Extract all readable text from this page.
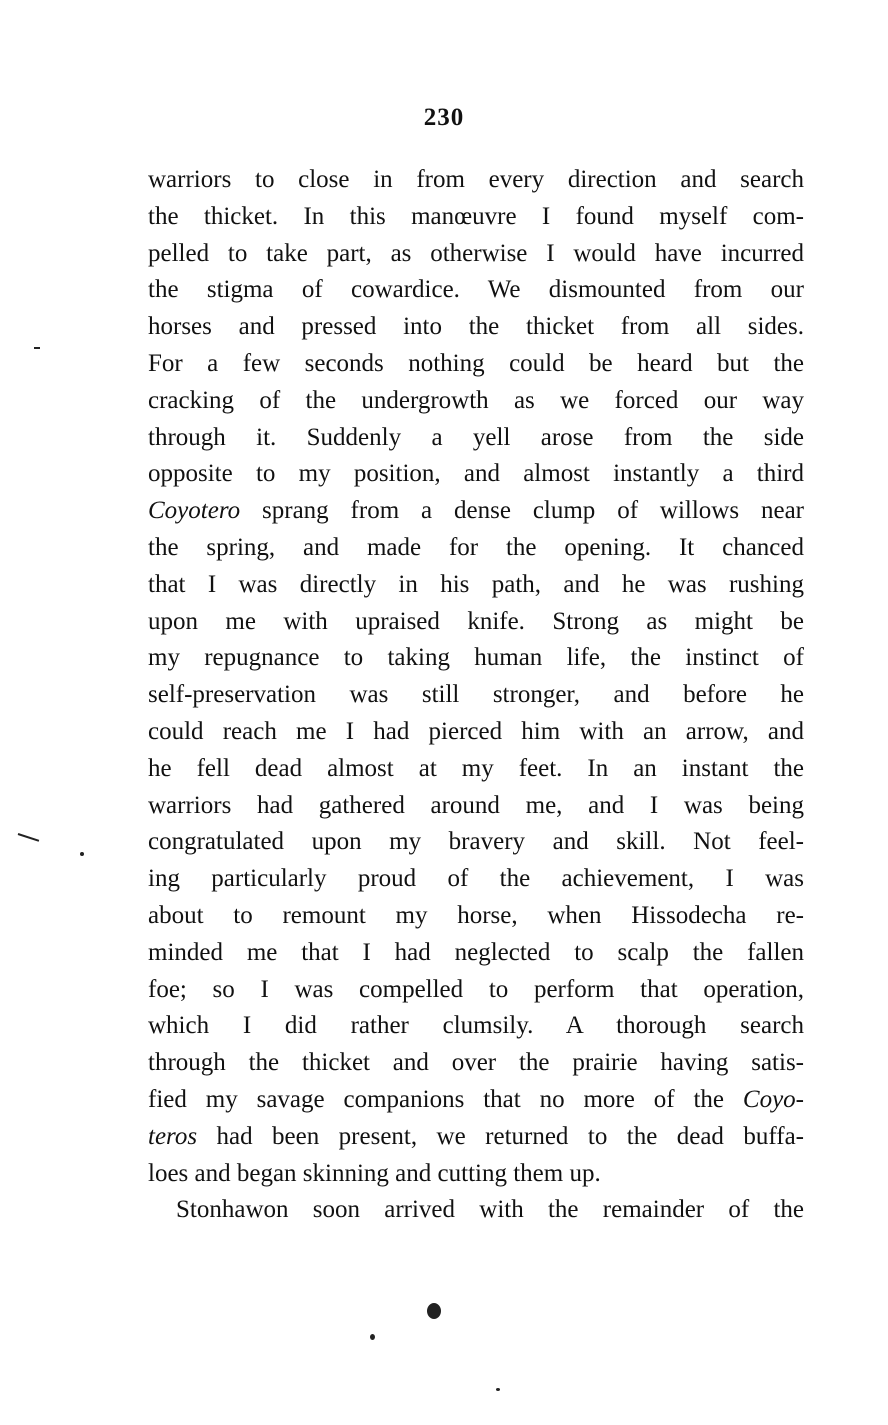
230
warriors to close in from every direction and search
the thicket. In this manœuvre I found myself com-
pelled to take part, as otherwise I would have incurred
the stigma of cowardice. We dismounted from our
horses and pressed into the thicket from all sides.
For a few seconds nothing could be heard but the
cracking of the undergrowth as we forced our way
through it. Suddenly a yell arose from the side
opposite to my position, and almost instantly a third
Coyotero sprang from a dense clump of willows near
the spring, and made for the opening. It chanced
that I was directly in his path, and he was rushing
upon me with upraised knife. Strong as might be
my repugnance to taking human life, the instinct of
self-preservation was still stronger, and before he
could reach me I had pierced him with an arrow, and
he fell dead almost at my feet. In an instant the
warriors had gathered around me, and I was being
congratulated upon my bravery and skill. Not feel-
ing particularly proud of the achievement, I was
about to remount my horse, when Hissodecha re-
minded me that I had neglected to scalp the fallen
foe; so I was compelled to perform that operation,
which I did rather clumsily. A thorough search
through the thicket and over the prairie having satis-
fied my savage companions that no more of the Coyo-
teros had been present, we returned to the dead buffa-
loes and began skinning and cutting them up.
Stonhawon soon arrived with the remainder of the
